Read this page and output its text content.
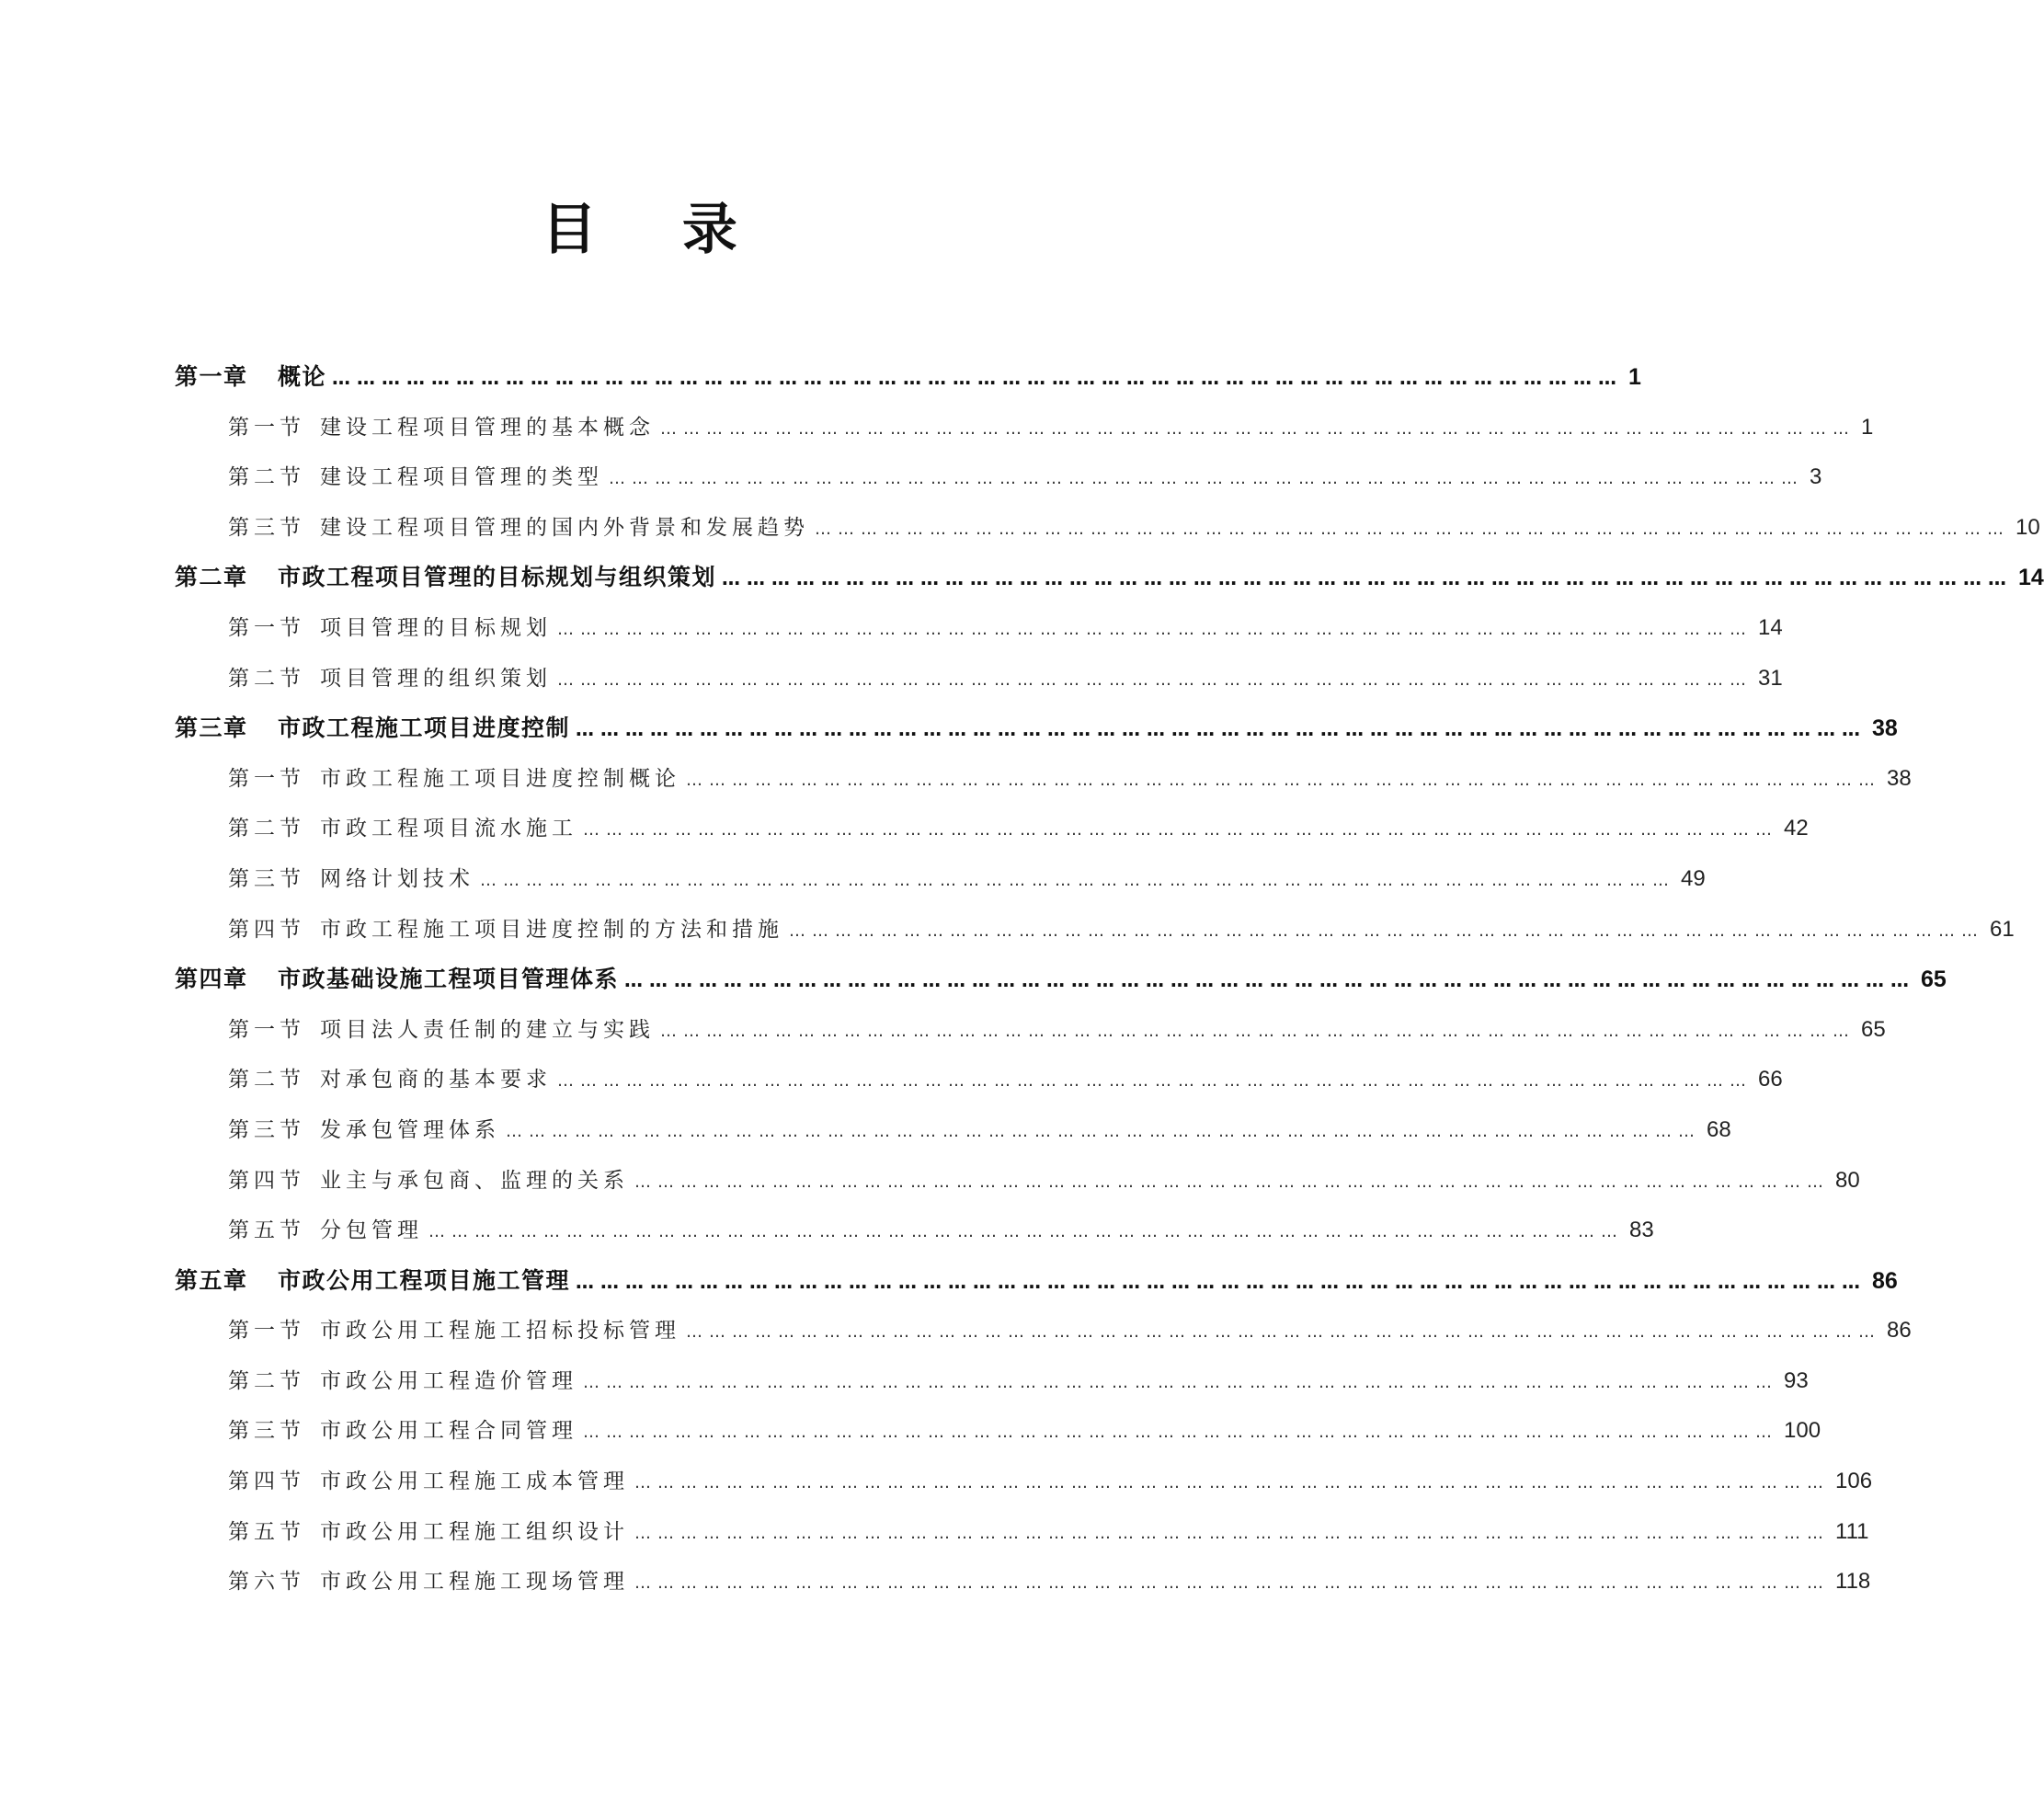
目 录
第一章	概论 ………………………………………………………………………………………………………………………………………… 1
第一节 建设工程项目管理的基本概念 ………………………………………………………………………………………………………………………………………… 1
第二节 建设工程项目管理的类型 ………………………………………………………………………………………………………………………………………… 3
第三节 建设工程项目管理的国内外背景和发展趋势 ………………………………………………………………………………………………………………………………………… 10
第二章	市政工程项目管理的目标规划与组织策划 ………………………………………………………………………………………………………………………………………… 14
第一节 项目管理的目标规划 ………………………………………………………………………………………………………………………………………… 14
第二节 项目管理的组织策划 ………………………………………………………………………………………………………………………………………… 31
第三章	市政工程施工项目进度控制 ………………………………………………………………………………………………………………………………………… 38
第一节 市政工程施工项目进度控制概论 ………………………………………………………………………………………………………………………………………… 38
第二节 市政工程项目流水施工 ………………………………………………………………………………………………………………………………………… 42
第三节 网络计划技术 ………………………………………………………………………………………………………………………………………… 49
第四节 市政工程施工项目进度控制的方法和措施 ………………………………………………………………………………………………………………………………………… 61
第四章	市政基础设施工程项目管理体系 ………………………………………………………………………………………………………………………………………… 65
第一节 项目法人责任制的建立与实践 ………………………………………………………………………………………………………………………………………… 65
第二节 对承包商的基本要求 ………………………………………………………………………………………………………………………………………… 66
第三节 发承包管理体系 ………………………………………………………………………………………………………………………………………… 68
第四节 业主与承包商、监理的关系 ………………………………………………………………………………………………………………………………………… 80
第五节 分包管理 ………………………………………………………………………………………………………………………………………… 83
第五章	市政公用工程项目施工管理 ………………………………………………………………………………………………………………………………………… 86
第一节 市政公用工程施工招标投标管理 ………………………………………………………………………………………………………………………………………… 86
第二节 市政公用工程造价管理 ………………………………………………………………………………………………………………………………………… 93
第三节 市政公用工程合同管理 ………………………………………………………………………………………………………………………………………… 100
第四节 市政公用工程施工成本管理 ………………………………………………………………………………………………………………………………………… 106
第五节 市政公用工程施工组织设计 ………………………………………………………………………………………………………………………………………… 111
第六节 市政公用工程施工现场管理 ………………………………………………………………………………………………………………………………………… 118
